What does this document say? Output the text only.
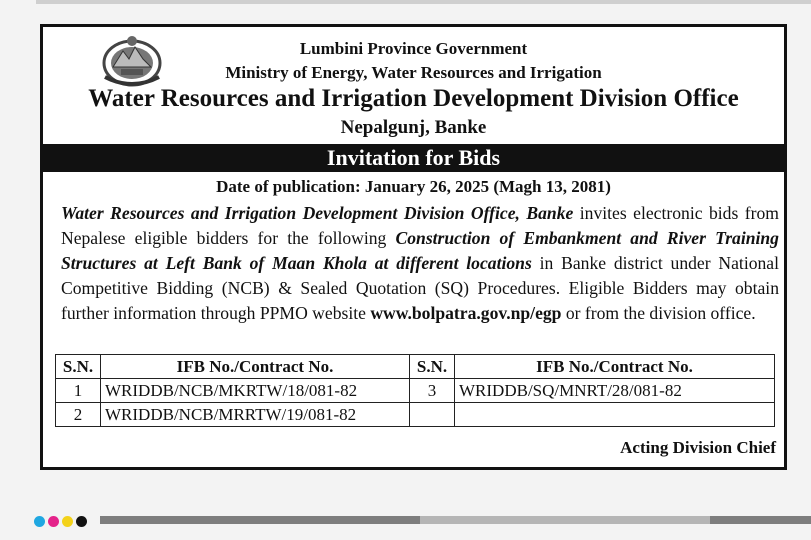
Lumbini Province Government
Ministry of Energy, Water Resources and Irrigation
Water Resources and Irrigation Development Division Office
Nepalgunj, Banke
Invitation for Bids
Date of publication: January 26, 2025 (Magh 13, 2081)
Water Resources and Irrigation Development Division Office, Banke invites electronic bids from Nepalese eligible bidders for the following Construction of Embankment and River Training Structures at Left Bank of Maan Khola at different locations in Banke district under National Competitive Bidding (NCB) & Sealed Quotation (SQ) Procedures. Eligible Bidders may obtain further information through PPMO website www.bolpatra.gov.np/egp or from the division office.
S.N.	IFB No./Contract No.	S.N.	IFB No./Contract No.
1	WRIDDB/NCB/MKRTW/18/081-82	3	WRIDDB/SQ/MNRT/28/081-82
2	WRIDDB/NCB/MRRTW/19/081-82		
Acting Division Chief
